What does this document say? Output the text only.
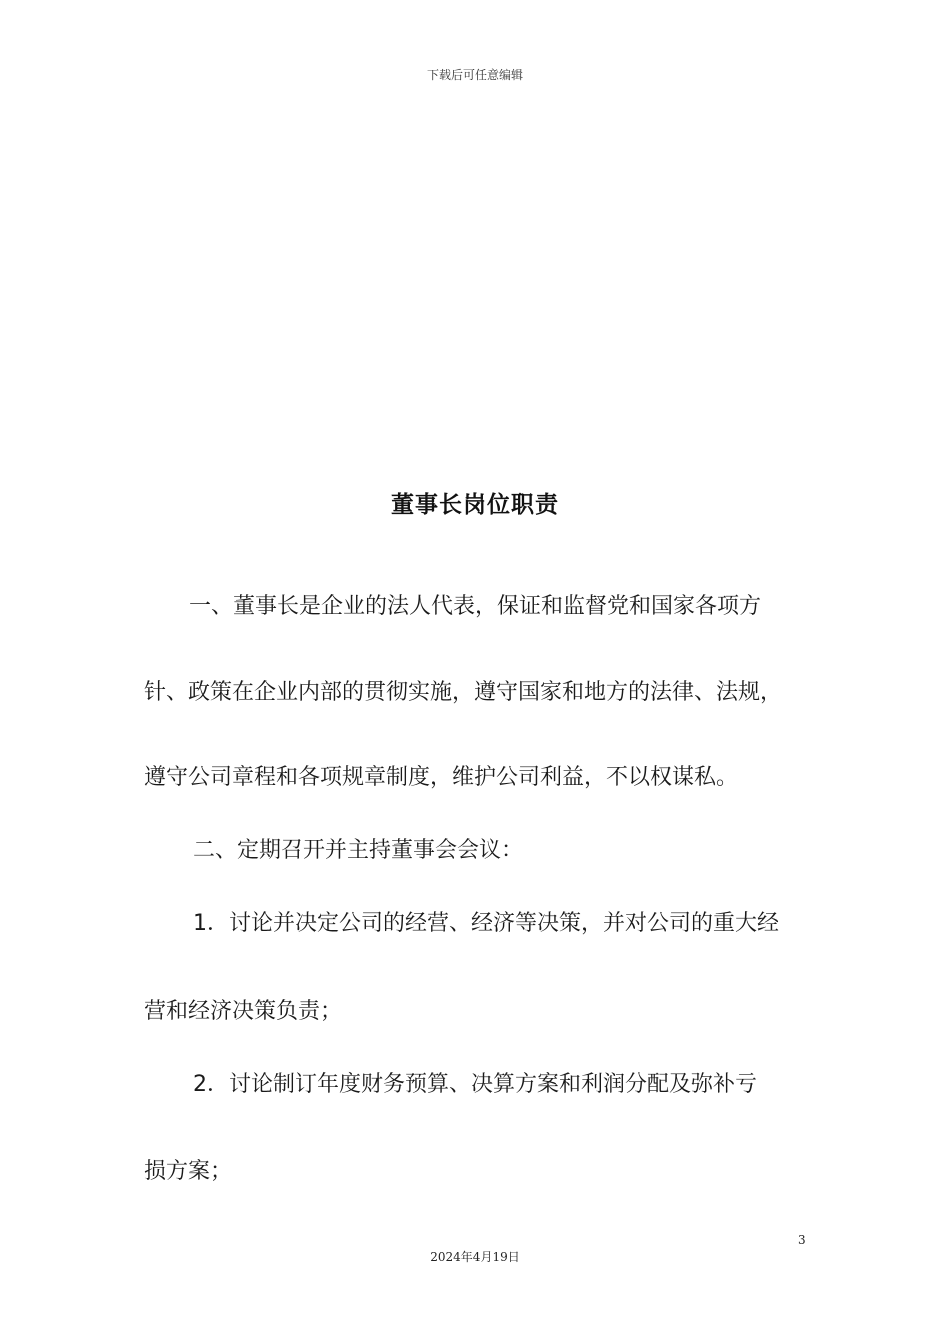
下载后可任意编辑
董事长岗位职责
一、董事长是企业的法人代表，保证和监督党和国家各项方
针、政策在企业内部的贯彻实施，遵守国家和地方的法律、法规，
遵守公司章程和各项规章制度，维护公司利益，不以权谋私。
二、定期召开并主持董事会会议：
1．讨论并决定公司的经营、经济等决策，并对公司的重大经
营和经济决策负责；
2．讨论制订年度财务预算、决算方案和利润分配及弥补亏
损方案；
3
2024年4月19日
